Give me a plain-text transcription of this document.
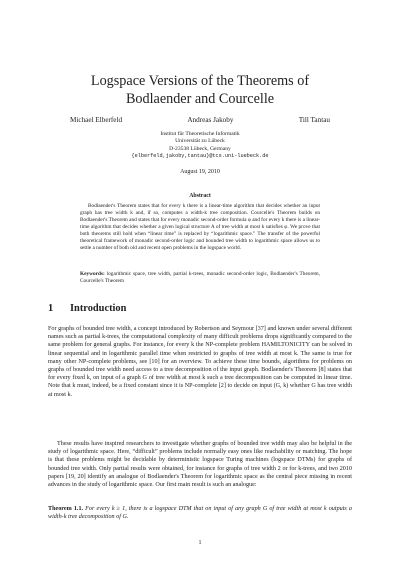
Logspace Versions of the Theorems of
Bodlaender and Courcelle
Michael Elberfeld	Andreas Jakoby	Till Tantau
Institut für Theoretische Informatik
Universität zu Lübeck
D-23538 Lübeck, Germany
{elberfeld,jakoby,tantau}@tcs.uni-luebeck.de
August 19, 2010
Abstract
Bodlaender's Theorem states that for every k there is a linear-time algorithm that decides whether an input graph has tree width k and, if so, computes a width-k tree composition. Courcelle's Theorem builds on Bodlaender's Theorem and states that for every monadic second-order formula φ and for every k there is a linear-time algorithm that decides whether a given logical structure A of tree width at most k satisfies φ. We prove that both theorems still hold when “linear time” is replaced by “logarithmic space.” The transfer of the powerful theoretical framework of monadic second-order logic and bounded tree width to logarithmic space allows us to settle a number of both old and recent open problems in the logspace world.
Keywords: logarithmic space, tree width, partial k-trees, monadic second-order logic, Bodlaender's Theorem, Courcelle's Theorem
1 Introduction
For graphs of bounded tree width, a concept introduced by Robertson and Seymour [37] and known under several different names such as partial k-trees, the computational complexity of many difficult problems drops significantly compared to the same problem for general graphs. For instance, for every k the NP-complete problem HAMILTONICITY can be solved in linear sequential and in logarithmic parallel time when restricted to graphs of tree width at most k. The same is true for many other NP-complete problems, see [10] for an overview. To achieve these time bounds, algorithms for problems on graphs of bounded tree width need access to a tree decomposition of the input graph. Bodlaender's Theorem [8] states that for every fixed k, on input of a graph G of tree width at most k such a tree decomposition can be computed in linear time. Note that k must, indeed, be a fixed constant since it is NP-complete [2] to decide on input (G, k) whether G has tree width at most k.
These results have inspired researchers to investigate whether graphs of bounded tree width may also be helpful in the study of logarithmic space. Here, “difficult” problems include normally easy ones like reachability or matching. The hope is that these problems might be decidable by deterministic logspace Turing machines (logspace DTMs) for graphs of bounded tree width. Only partial results were obtained, for instance for graphs of tree width 2 or for k-trees, and two 2010 papers [19, 20] identify an analogue of Bodlaender's Theorem for logarithmic space as the central piece missing in recent advances in the study of logarithmic space. Our first main result is such an analogue:
Theorem 1.1. For every k ≥ 1, there is a logspace DTM that on input of any graph G of tree width at most k outputs a width-k tree decomposition of G.
1
